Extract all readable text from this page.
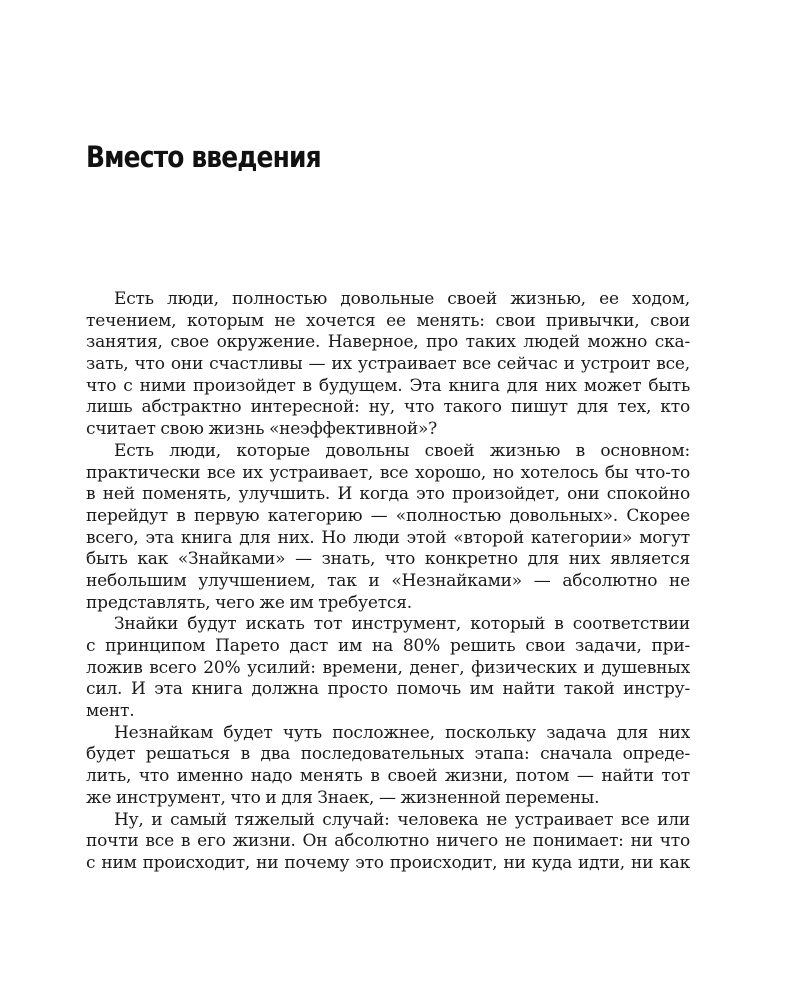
Вместо введения
Есть люди, полностью довольные своей жизнью, ее ходом,
течением, которым не хочется ее менять: свои привычки, свои
занятия, свое окружение. Наверное, про таких людей можно ска-
зать, что они счастливы — их устраивает все сейчас и устроит все,
что с ними произойдет в будущем. Эта книга для них может быть
лишь абстрактно интересной: ну, что такого пишут для тех, кто
считает свою жизнь «неэффективной»?
Есть люди, которые довольны своей жизнью в основном:
практически все их устраивает, все хорошо, но хотелось бы что-то
в ней поменять, улучшить. И когда это произойдет, они спокойно
перейдут в первую категорию — «полностью довольных». Скорее
всего, эта книга для них. Но люди этой «второй категории» могут
быть как «Знайками» — знать, что конкретно для них является
небольшим улучшением, так и «Незнайками» — абсолютно не
представлять, чего же им требуется.
Знайки будут искать тот инструмент, который в соответствии
с принципом Парето даст им на 80% решить свои задачи, при-
ложив всего 20% усилий: времени, денег, физических и душевных
сил. И эта книга должна просто помочь им найти такой инстру-
мент.
Незнайкам будет чуть посложнее, поскольку задача для них
будет решаться в два последовательных этапа: сначала опреде-
лить, что именно надо менять в своей жизни, потом — найти тот
же инструмент, что и для Знаек, — жизненной перемены.
Ну, и самый тяжелый случай: человека не устраивает все или
почти все в его жизни. Он абсолютно ничего не понимает: ни что
с ним происходит, ни почему это происходит, ни куда идти, ни как
